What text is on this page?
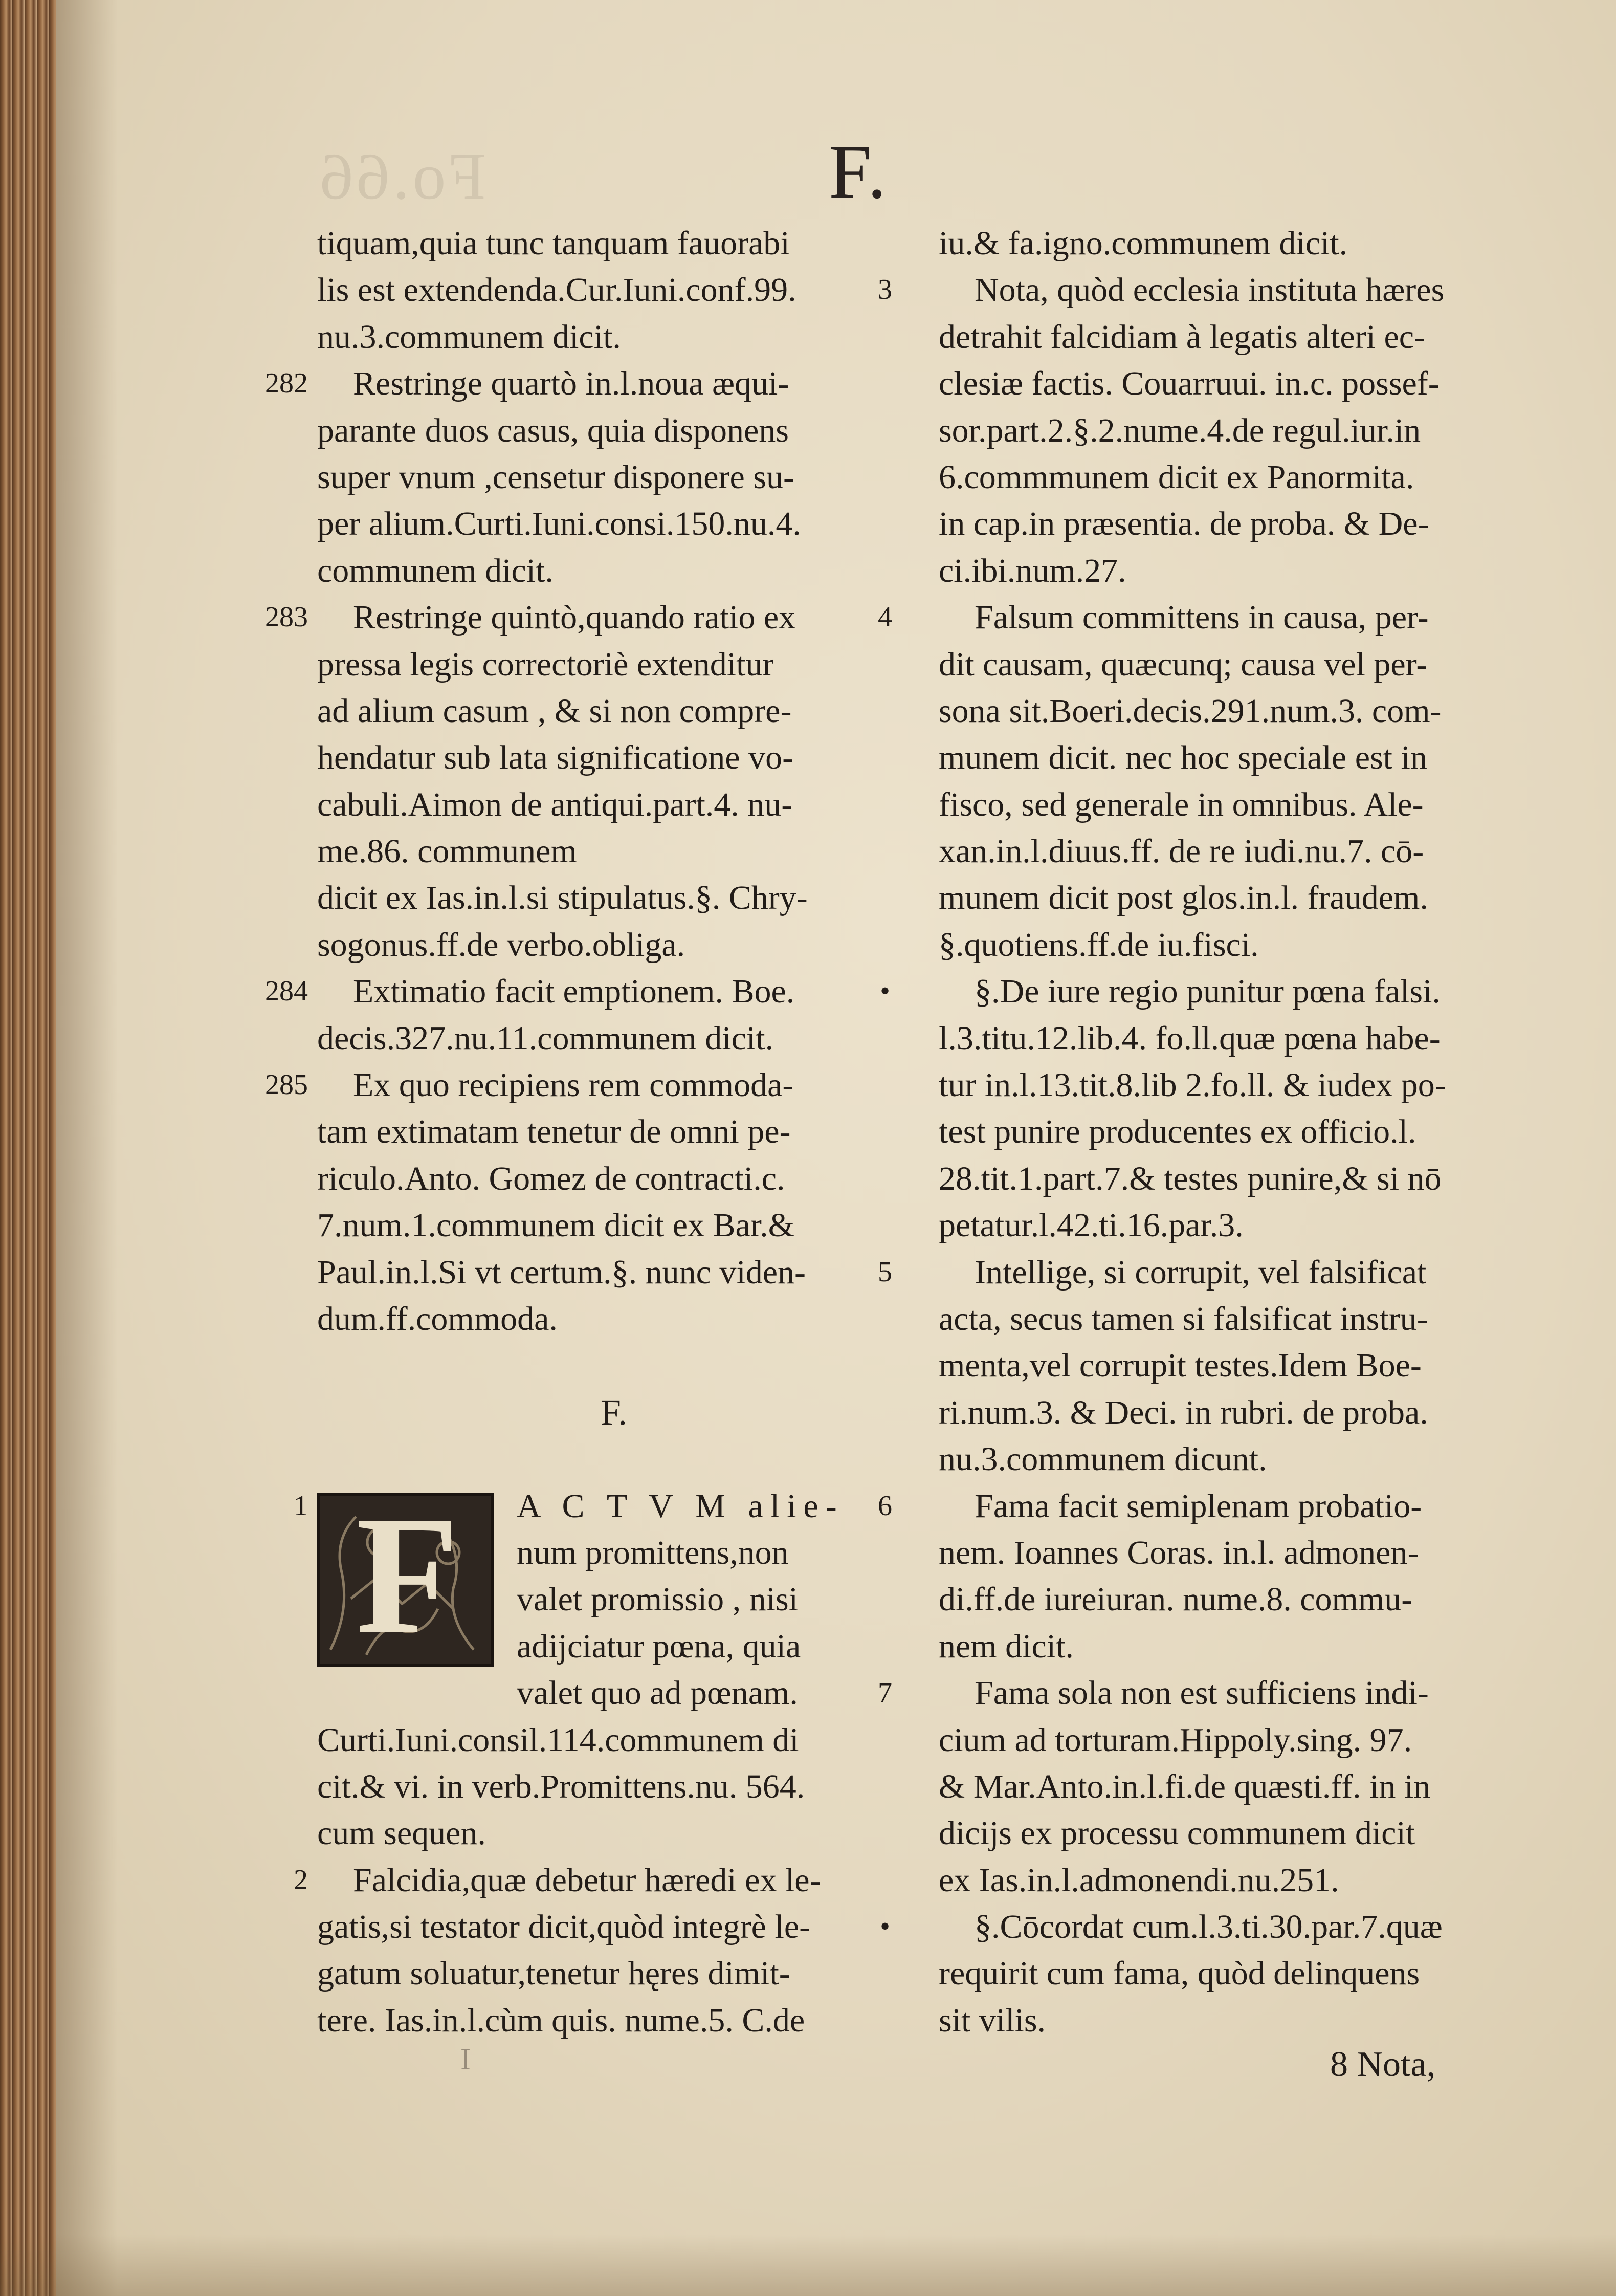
Fo.66	F.
tiquam,quia tunc tanquam fauorabi
lis est extendenda.Cur.Iuni.conf.99.
nu.3.communem dicit.
282	Restringe quartò in.l.noua æqui-
parante duos casus, quia disponens
super vnum ,censetur disponere su-
per alium.Curti.Iuni.consi.150.nu.4.
communem dicit.
283	Restringe quintò,quando ratio ex
pressa legis correctoriè extenditur
ad alium casum , & si non compre-
hendatur sub lata significatione vo-
cabuli.Aimon de antiqui.part.4. nu-
me.86. communem
dicit ex Ias.in.l.si stipulatus.§. Chry-
sogonus.ff.de verbo.obliga.
284	Extimatio facit emptionem. Boe.
decis.327.nu.11.communem dicit.
285	Ex quo recipiens rem commoda-
tam extimatam tenetur de omni pe-
riculo.Anto. Gomez de contracti.c.
7.num.1.communem dicit ex Bar.&
Paul.in.l.Si vt certum.§. nunc viden-
dum.ff.commoda.
F.
1	A C T V M alie-
F	num promittens,non
valet promissio , nisi
adijciatur pœna, quia
valet quo ad pœnam.
Curti.Iuni.consil.114.communem di
cit.& vi. in verb.Promittens.nu. 564.
cum sequen.
2	Falcidia,quæ debetur hæredi ex le-
gatis,si testator dicit,quòd integrè le-
gatum soluatur,tenetur hęres dimit-
tere. Ias.in.l.cùm quis. nume.5. C.de
iu.& fa.igno.communem dicit.
3	Nota, quòd ecclesia instituta hæres
detrahit falcidiam à legatis alteri ec-
clesiæ factis. Couarruui. in.c. possef-
sor.part.2.§.2.nume.4.de regul.iur.in
6.commmunem dicit ex Panormita.
in cap.in præsentia. de proba. & De-
ci.ibi.num.27.
4	Falsum committens in causa, per-
dit causam, quæcunq; causa vel per-
sona sit.Boeri.decis.291.num.3. com-
munem dicit. nec hoc speciale est in
fisco, sed generale in omnibus. Ale-
xan.in.l.diuus.ff. de re iudi.nu.7. cō-
munem dicit post glos.in.l. fraudem.
§.quotiens.ff.de iu.fisci.
•	§.De iure regio punitur pœna falsi.
l.3.titu.12.lib.4. fo.ll.quæ pœna habe-
tur in.l.13.tit.8.lib 2.fo.ll. & iudex po-
test punire producentes ex officio.l.
28.tit.1.part.7.& testes punire,& si nō
petatur.l.42.ti.16.par.3.
5	Intellige, si corrupit, vel falsificat
acta, secus tamen si falsificat instru-
menta,vel corrupit testes.Idem Boe-
ri.num.3. & Deci. in rubri. de proba.
nu.3.communem dicunt.
6	Fama facit semiplenam probatio-
nem. Ioannes Coras. in.l. admonen-
di.ff.de iureiuran. nume.8. commu-
nem dicit.
7	Fama sola non est sufficiens indi-
cium ad torturam.Hippoly.sing. 97.
& Mar.Anto.in.l.fi.de quæsti.ff. in in
dicijs ex processu communem dicit
ex Ias.in.l.admonendi.nu.251.
•	§.Cōcordat cum.l.3.ti.30.par.7.quæ
requirit cum fama, quòd delinquens
sit vilis.
I	8 Nota,
